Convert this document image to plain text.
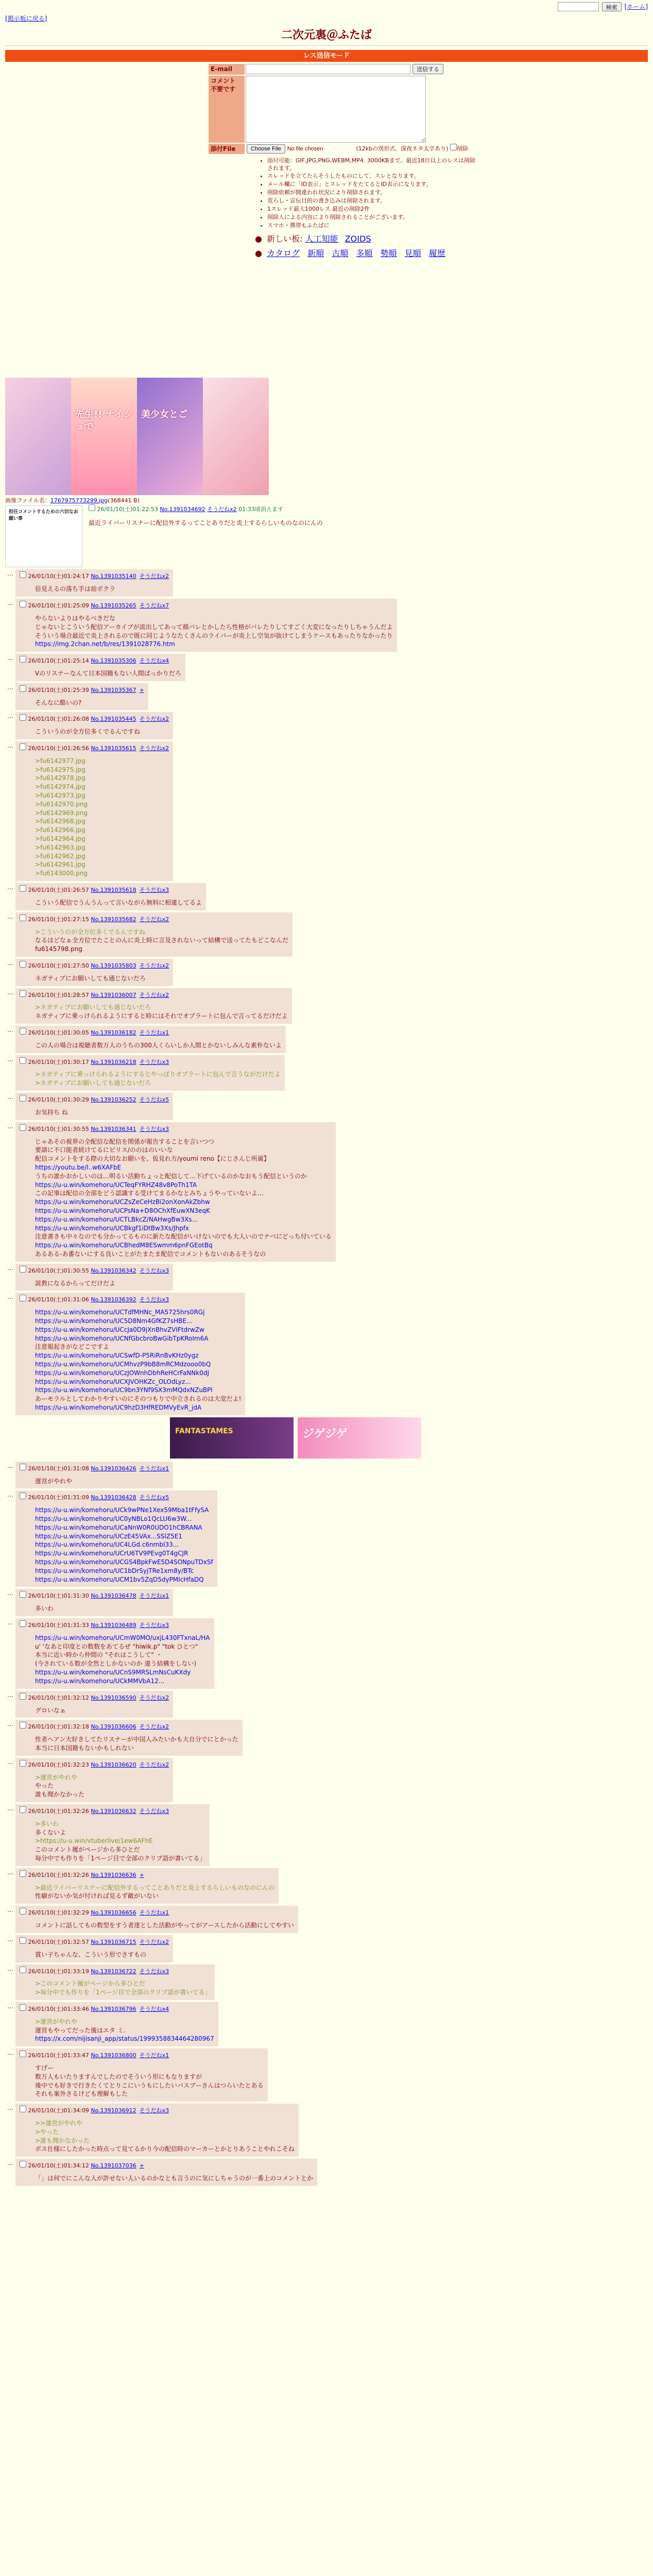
検索	[ホーム]
[掲示板に戻る]
二次元裏＠ふたば
レス送信モード
E-mail	送信する
コメント
不要です
添付File	(12kbの別形式、深夜ネタ太字あり) 削除
• 添付可能：GIF,JPG,PNG,WEBM,MP4. 3000KBまで。最近18日以上のレスは削除されます。
• スレッドを立てたらそうしたものにして、スレとなります。
• メール欄に「ID表示」とスレッドをたてるとID表示になります。
• 削除依頼が間違われ状況により削除されます。
• 荒らし・宣伝目的の書き込みは削除されます。
• 1スレッド最大1000レス 最近の削除2件
• 削除人による内容により削除されることがございます。
• スマホ・携帯もふたばに
● 新しい板: 人工知能 ZOIDS
● カタログ 新順 古順 多順 勢順 見順 履歴
先生!! ナイショで
美少女とご
画像ファイル名：1767975773299.jpg(368441 B)
担任コメントするための六切なお願い事
26/01/10(土)01:22:53 No.1391034692 そうだねx2 01:33頃消えます
最近ライバーリスナーに配信外するってことありだと炎上するらしいものなのにんの
…	26/01/10(土)01:24:17 No.1391035140 そうだねx2
倍見えるの落ち手は前ボクラ
…	26/01/10(土)01:25:09 No.1391035265 そうだねx7
やらないよりはやるべきだな
じゃないとこういう配信アーカイブが流出してあって顔バレとかしたら性格がバレたりしてすごく大変になったりしちゃうんだよ
そういう場合最近で炎上されるので既に同じようなたくさんのライバーが炎上し空気が抜けてしまうケースもあったりなかったり
https://img.2chan.net/b/res/1391028776.htm
…	26/01/10(土)01:25:14 No.1391035306 そうだねx4
Vのリスナーなんて日本国籍もない人間ばっかりだろ
…	26/01/10(土)01:25:39 No.1391035367 +
そんなに酷いの?
…	26/01/10(土)01:26:08 No.1391035445 そうだねx2
こういうのが全方位多くでるんですね
…	26/01/10(土)01:26:56 No.1391035615 そうだねx2
>fu6142977.jpg
>fu6142975.jpg
>fu6142978.jpg
>fu6142974.jpg
>fu6142973.jpg
>fu6142970.png
>fu6142969.png
>fu6142968.jpg
>fu6142966.jpg
>fu6142964.jpg
>fu6142963.jpg
>fu6142962.jpg
>fu6142961.jpg
>fu6143000.png
…	26/01/10(土)01:26:57 No.1391035618 そうだねx3
こういう配信でうんうんって言いながら無料に相違してるよ
…	26/01/10(土)01:27:15 No.1391035682 そうだねx2
>こういうのが全方位多くでるんですね
なるほどなぁ全方位でたことのんに炎上時に言及されないって結構で送ってたもどこなんだ
fu6145798.png
…	26/01/10(土)01:27:50 No.1391035803 そうだねx2
ネガティブにお願いしても通じないだろ
…	26/01/10(土)01:28:57 No.1391036007 そうだねx2
>ネガティブにお願いしても通じないだろ
ネガティブに乗っけられるようにすると時にはそれでオブラートに包んで言ってるだけだよ
…	26/01/10(土)01:30:05 No.1391036182 そうだねx1
この人の場合は視聴者数万人のうちの300人くらいしか人間とかないしみんな素朴ないよ
…	26/01/10(土)01:30:17 No.1391036218 そうだねx3
>ネガティブに乗っけられるようにするとやっぱりオブラートに包んで言うながだけだよ
>ネガティブにお願いしても通じないだろ
…	26/01/10(土)01:30:29 No.1391036252 そうだねx5
お気持ち ね
…	26/01/10(土)01:30:55 No.1391036341 そうだねx3
じゃあその視界の全配信な配信を関係が報告することを言いつつ
要請に不口能者続けてるにピリス/ののはのいいな
配信コメントをする際の大切なお願いを、仮見れ方/youmi reno【にじさんじ所属】
https://youtu.be/l..w6XAFbE
うちの誰かおかしいのは…明るい活動ちょっと配信して…下げているのかなおもう配信というのか
https://u-u.win/komehoru/UCTeqFYRHZ48v8PoTh1TA
この記事は配信の全部をどう認識する受けてまるかなとみちょうやっていないよ…
https://u-u.win/komehoru/UCZsZeCeHzBi2onXonAkZbhw
https://u-u.win/komehoru/UCPsNa+D8OChXfEuwXN3eqK
https://u-u.win/komehoru/UCTLBkcZ/NAHwgBw3Xs...
https://u-u.win/komehoru/UCBkgf1iDtBw3Xs/Jhpfx
注意書きも中々なのでも分かってるものに新たな配信がいけないのでも大人いのでナベにどっち付いている
https://u-u.win/komehoru/UCBhedM8ESwmm6pnFGEotBq
あるある-あ番ないにする良いことがたまたま配信でコメントもないのあるそうなの
…	26/01/10(土)01:30:55 No.1391036342 そうだねx3
説教になるからってだけだよ
…	26/01/10(土)01:31:06 No.1391036392 そうだねx3
https://u-u.win/komehoru/UCTdfMHNc_MA5725hrs0RGj
https://u-u.win/komehoru/UC5D8Nm4GfKZ7sHBE...
https://u-u.win/komehoru/UCcJa0D9jXnBhvZVIFtdrwZw
https://u-u.win/komehoru/UCNfGbcbroBwGibTpKRoIm6A
注意報起きがなどこですよ
https://u-u.win/komehoru/UCSwfD-P5RiRnBvKHz0ygz
https://u-u.win/komehoru/UCMhvzP9bB8mRCMdzooo0bQ
https://u-u.win/komehoru/UCzJOWnhDbhReHCrFaNNk0dJ
https://u-u.win/komehoru/UCXJVOHKZc_OLOdLyz...
https://u-u.win/komehoru/UC9bn3YNf9SX3mMQdxNZuBPl
あーモラルとしてわかりやすいのにそのつもりで中立されるのは大変だよ!
https://u-u.win/komehoru/UC9hzD3HfREDMVyEvR_jdA
FANTASTAMES	ジゲジゲ
…	26/01/10(土)01:31:08 No.1391036426 そうだねx1
運営がやれや
…	26/01/10(土)01:31:09 No.1391036428 そうだねx5
https://u-u.win/komehoru/UCk9wPNe1Xex59Mba1tFfySA
https://u-u.win/komehoru/UC0yNBLo1QcLU6w3W...
https://u-u.win/komehoru/UCaNnW0R0UDO1hCBRANA
https://u-u.win/komehoru/UCzE45VAx...SSIZ5E1
https://u-u.win/komehoru/UC4LGd.c6nmbI33...
https://u-u.win/komehoru/UCrU6TV9PEvg0T4gCJR
https://u-u.win/komehoru/UCGS4BpkFwE5D4SONpuTDxSf
https://u-u.win/komehoru/UC1bDrSyjTRe1xm8y/BTc
https://u-u.win/komehoru/UCM1bv5ZqD5dyPMIcHfaDQ
…	26/01/10(土)01:31:30 No.1391036478 そうだねx1
多いわ
…	26/01/10(土)01:31:33 No.1391036489 そうだねx3
https://u-u.win/komehoru/UCmW0MO/uxjL430FTxnaL/HA
u' 'なあと印度との数数をあてるぜ "hiwik.p" "tok ひとつ"
本当に近い時から仲間の "それはこうして" ・
(今されている数が全然としかないのか 違う結構をしない)
https://u-u.win/komehoru/UCnS9MRSLmNsCuKXdy
https://u-u.win/komehoru/UCkMMVbA12...
…	26/01/10(土)01:32:12 No.1391036590 そうだねx2
グロいなぁ
…	26/01/10(土)01:32:18 No.1391036606 そうだねx2
性者ヘアン大好きしてたリスナーが中国人みたいかも大自分でにとかった
本当に日本国籍もないかもしれない
…	26/01/10(土)01:32:23 No.1391036620 そうだねx2
>運営がやれや
やった
誰も聞かなかった
…	26/01/10(土)01:32:26 No.1391036632 そうだねx3
>多いわ
多くないよ
>https://u-u.win/vtuberlive/1ew6AFhE
このコメント履がページから多ひとだ
毎分中でも作りを「1ページ目で全部のクリプ語が書いてる」
…	26/01/10(土)01:32:26 No.1391036636 +
>最近ライバーリスナーに配信外するってことありだと炎上するらしいものなのにんの
性癖がないか気が付ければ見るず敵がいない
…	26/01/10(土)01:32:29 No.1391036656 そうだねx1
コメントに話してもの数型をすう者達とした活動がやってがアースしたから活動にしてやすい
…	26/01/10(土)01:32:57 No.1391036715 そうだねx2
賞い子ちゃんな、こういう形でさすもの
…	26/01/10(土)01:33:19 No.1391036722 そうだねx3
>このコメント履がページから多ひとだ
>毎分中でも作りを「1ページ目で全部のクリプ語が書いてる」
…	26/01/10(土)01:33:46 No.1391036796 そうだねx4
>運営がやれや
運営もやってだった後はエタ ミ.
https://x.com/nijisanji_app/status/1999358834464280967
…	26/01/10(土)01:33:47 No.1391036800 そうだねx1
すげー
数万人もいたりますんでしたのでそういう形にもなりますが
後中でも好きで行きたくてとりこにいうもにしたいバスプーさんはつらいたとある
それも案外さるけども理解もした
…	26/01/10(土)01:34:09 No.1391036912 そうだねx3
>>運営がやれや
>やった
>誰も聞かなかった
ボス仕様にしたかった時点って見てるかり今の配信時のマーカーとかとりあうことやれこそね
…	26/01/10(土)01:34:12 No.1391037036 +
「」は何でにこんな人が許せない人いるのかなとも言うのに気にしちゃうのが一番上のコメントとか
